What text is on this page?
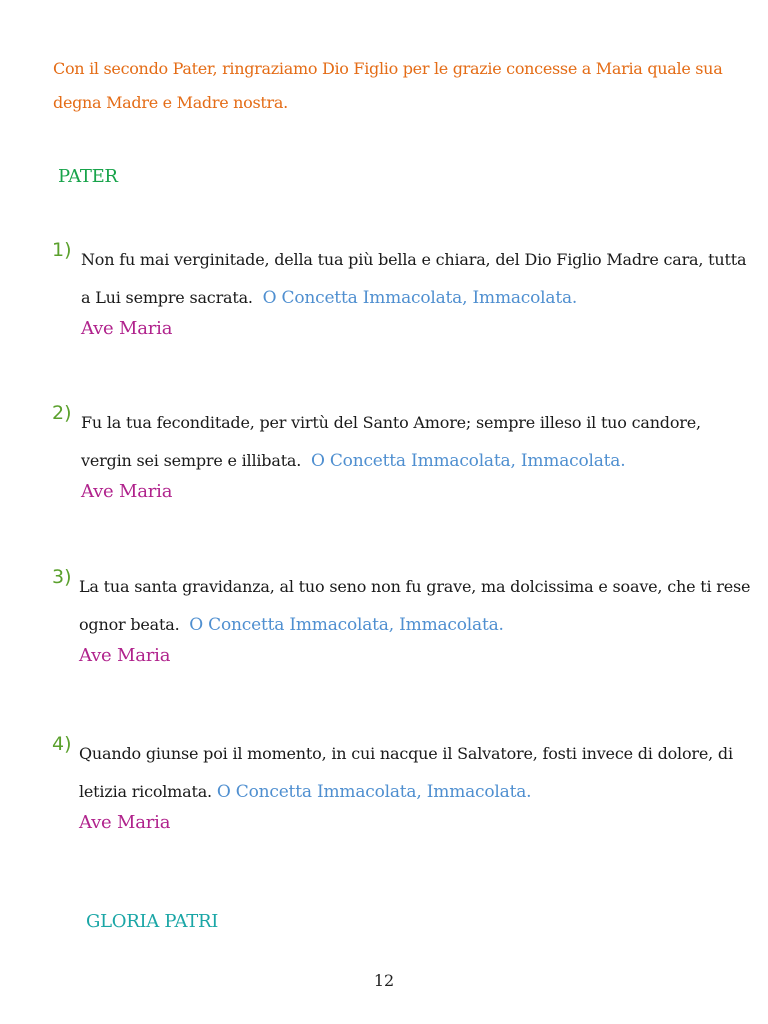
Con il secondo Pater, ringraziamo Dio Figlio per le grazie concesse a Maria quale sua degna Madre e Madre nostra.
PATER
1) Non fu mai verginitade, della tua più bella e chiara, del Dio Figlio Madre cara, tutta a Lui sempre sacrata. O Concetta Immacolata, Immacolata.
Ave Maria
2) Fu la tua feconditade, per virtù del Santo Amore; sempre illeso il tuo candore, vergin sei sempre e illibata. O Concetta Immacolata, Immacolata.
Ave Maria
3) La tua santa gravidanza, al tuo seno non fu grave, ma dolcissima e soave, che ti rese ognor beata. O Concetta Immacolata, Immacolata.
Ave Maria
4) Quando giunse poi il momento, in cui nacque il Salvatore, fosti invece di dolore, di letizia ricolmata. O Concetta Immacolata, Immacolata.
Ave Maria
GLORIA PATRI
12
